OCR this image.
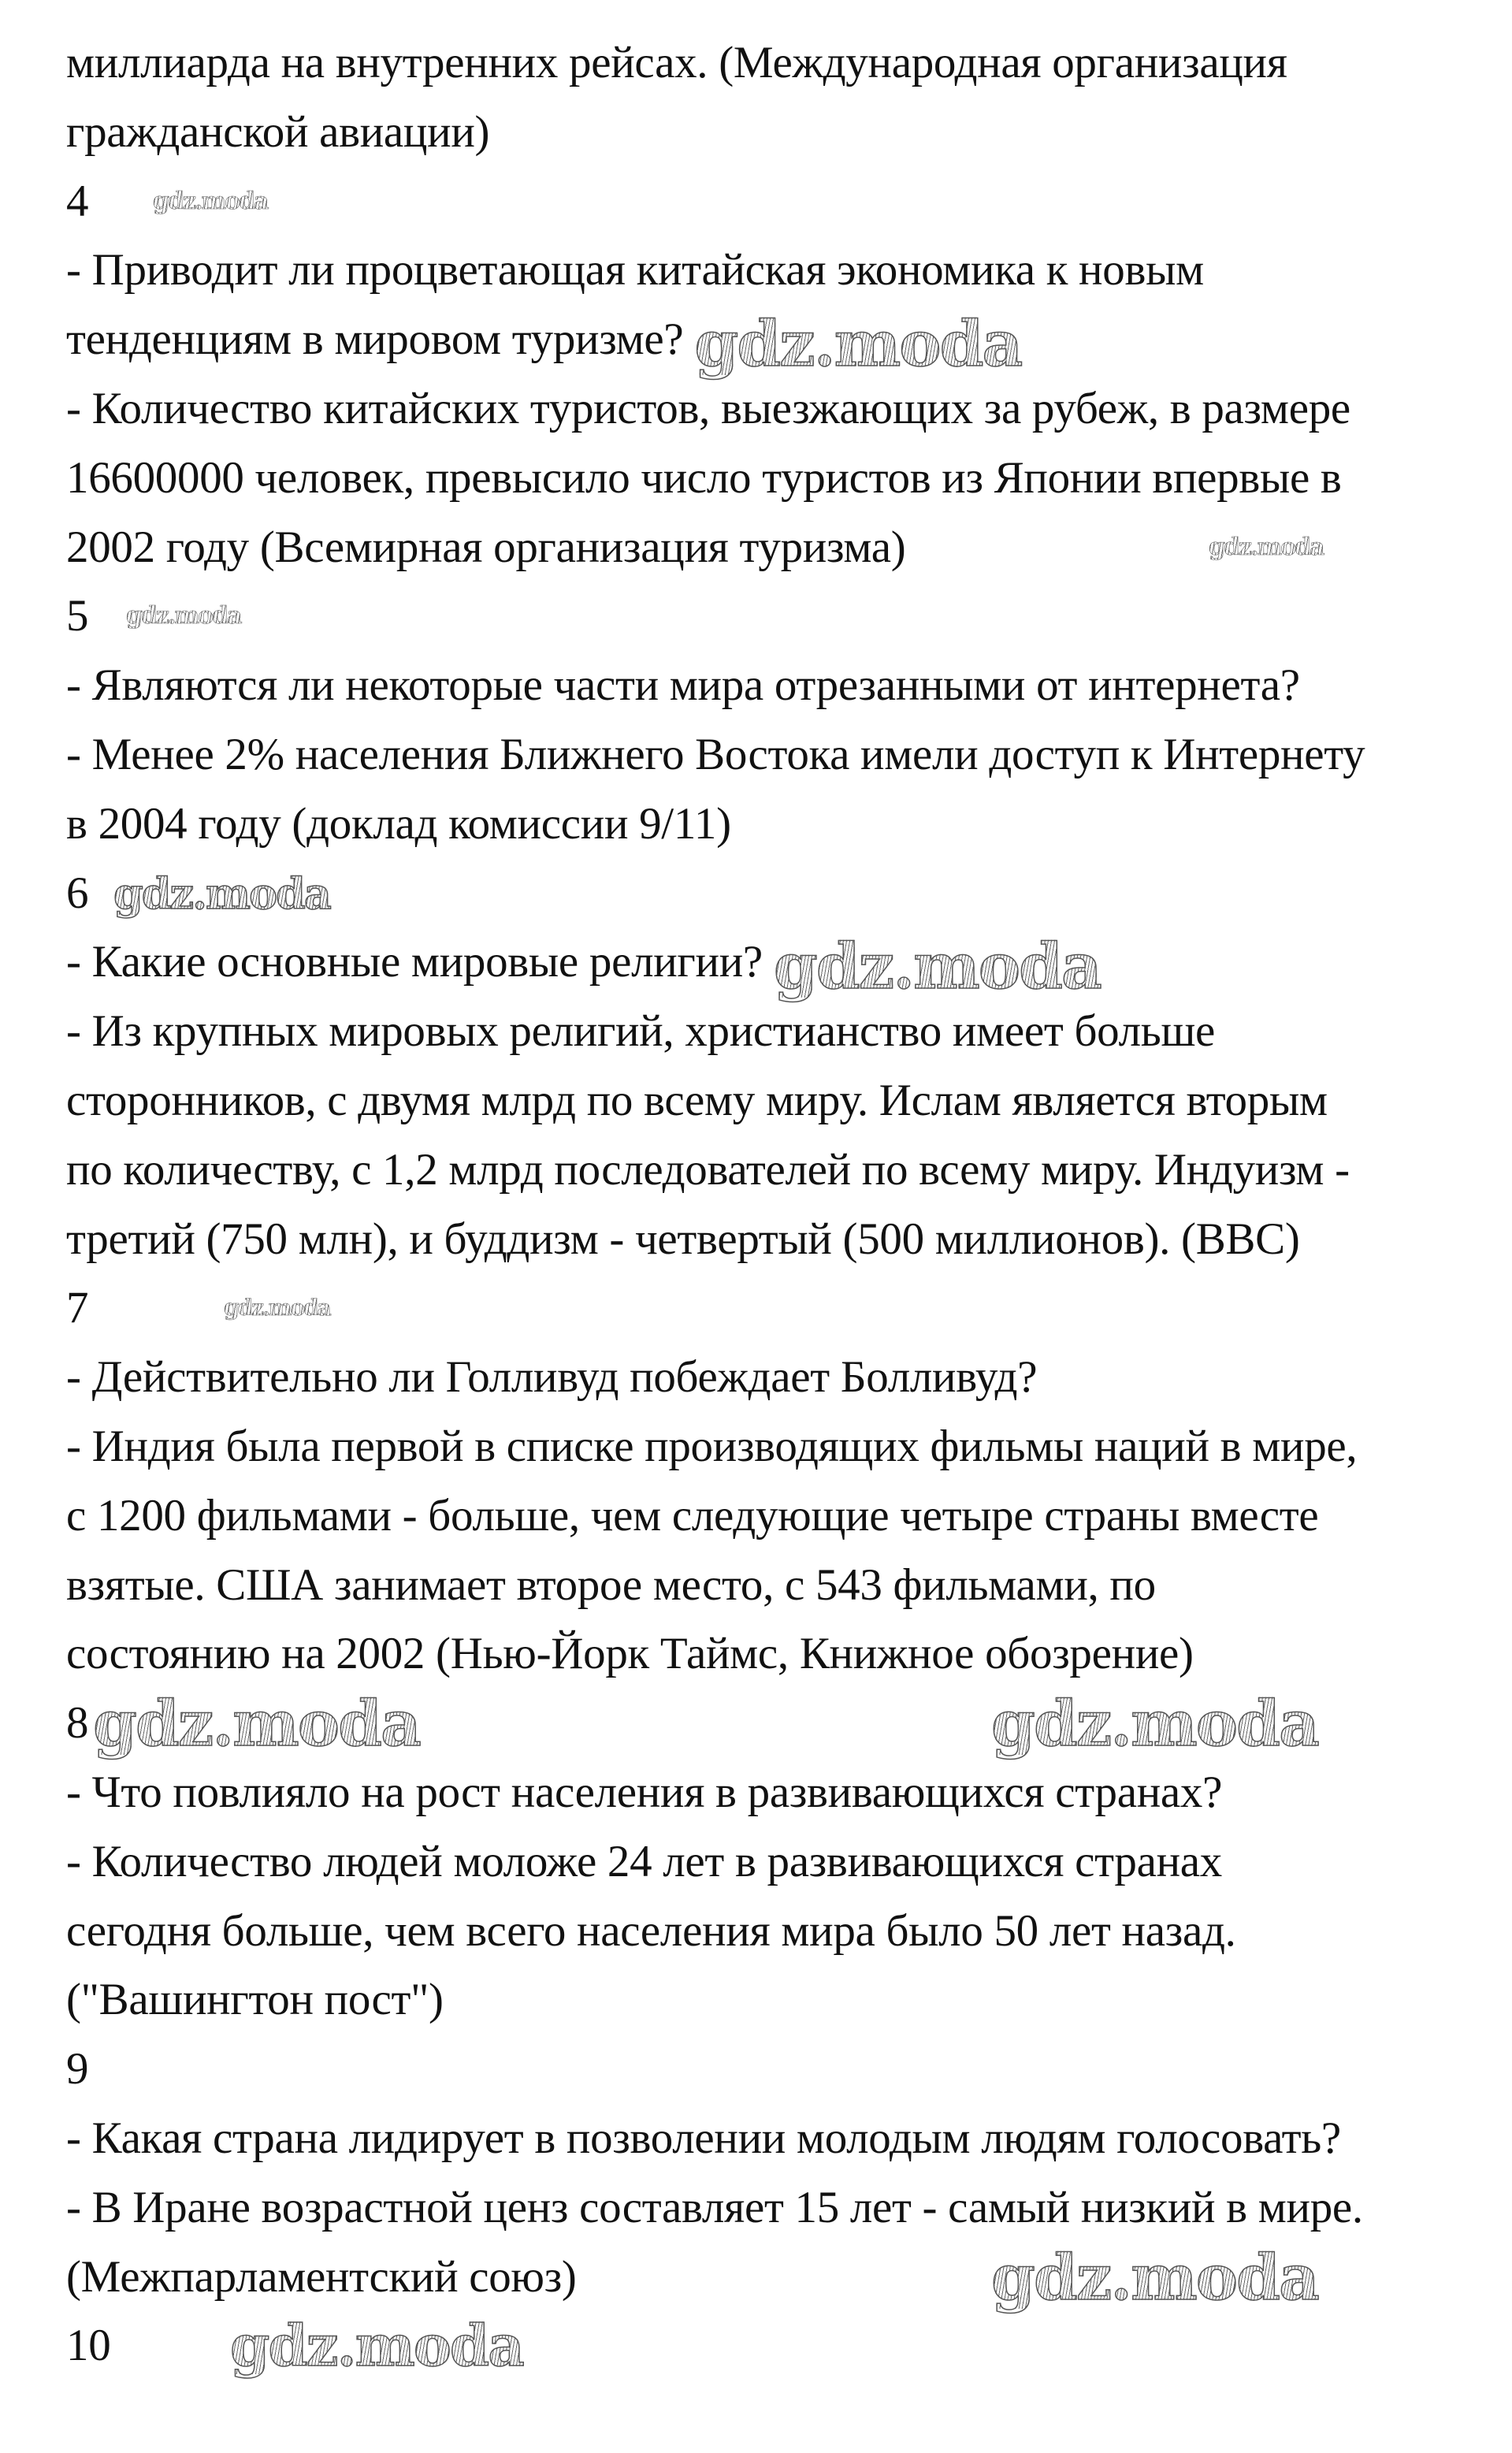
миллиарда на внутренних рейсах. (Международная организация
гражданской авиации)
4	gdz.moda
- Приводит ли процветающая китайская экономика к новым
тенденциям в мировом туризме? gdz.moda
- Количество китайских туристов, выезжающих за рубеж, в размере
16600000 человек, превысило число туристов из Японии впервые в
2002 году (Всемирная организация туризма)	gdz.moda
5 gdz.moda
- Являются ли некоторые части мира отрезанными от интернета?
- Менее 2% населения Ближнего Востока имели доступ к Интернету
в 2004 году (доклад комиссии 9/11)
6 gdz.moda
- Какие основные мировые религии? gdz.moda
- Из крупных мировых религий, христианство имеет больше
сторонников, с двумя млрд по всему миру. Ислам является вторым
по количеству, с 1,2 млрд последователей по всему миру. Индуизм -
третий (750 млн), и буддизм - четвертый (500 миллионов). (BBC)
7	gdz.moda
- Действительно ли Голливуд побеждает Болливуд?
- Индия была первой в списке производящих фильмы наций в мире,
с 1200 фильмами - больше, чем следующие четыре страны вместе
взятые. США занимает второе место, с 543 фильмами, по
состоянию на 2002 (Нью-Йорк Таймс, Книжное обозрение)
8 gdz.moda	gdz.moda
- Что повлияло на рост населения в развивающихся странах?
- Количество людей моложе 24 лет в развивающихся странах
сегодня больше, чем всего населения мира было 50 лет назад.
("Вашингтон пост")
9
- Какая страна лидирует в позволении молодым людям голосовать?
- В Иране возрастной ценз составляет 15 лет - самый низкий в мире.
(Межпарламентский союз)	gdz.moda
10 gdz.moda
